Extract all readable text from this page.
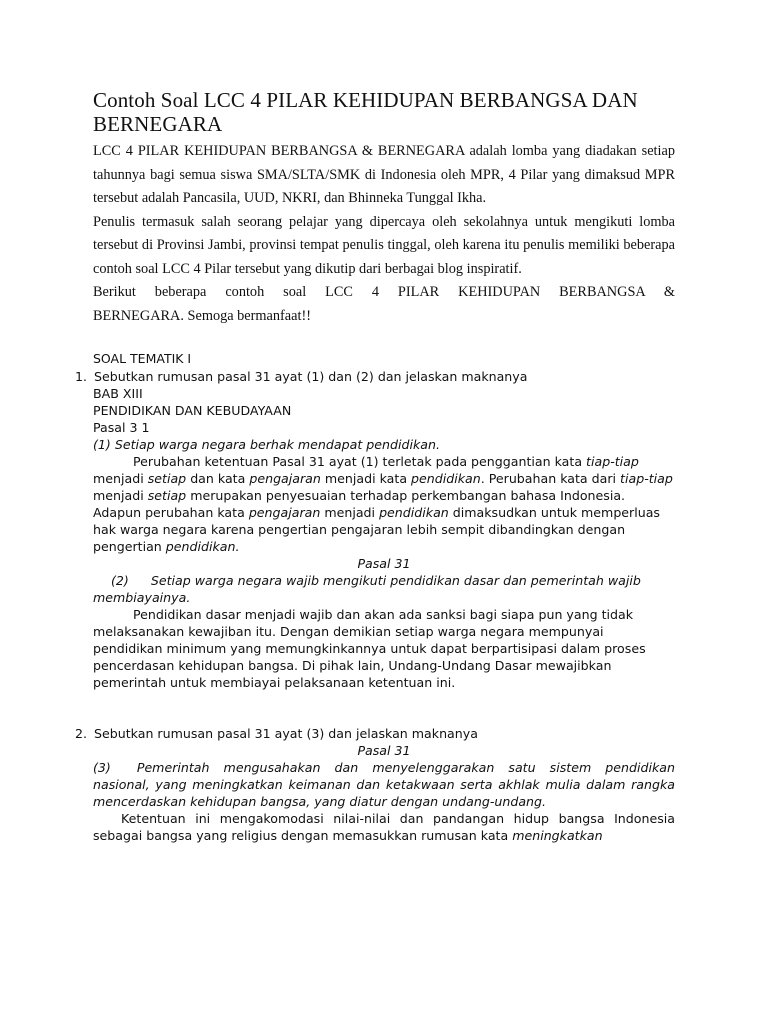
Contoh Soal LCC 4 PILAR KEHIDUPAN BERBANGSA DAN BERNEGARA

LCC 4 PILAR KEHIDUPAN BERBANGSA & BERNEGARA adalah lomba yang diadakan setiap tahunnya bagi semua siswa SMA/SLTA/SMK di Indonesia oleh MPR, 4 Pilar yang dimaksud MPR tersebut adalah Pancasila, UUD, NKRI, dan Bhinneka Tunggal Ikha.

Penulis termasuk salah seorang pelajar yang dipercaya oleh sekolahnya untuk mengikuti lomba tersebut di Provinsi Jambi, provinsi tempat penulis tinggal, oleh karena itu penulis memiliki beberapa contoh soal LCC 4 Pilar tersebut yang dikutip dari berbagai blog inspiratif.

Berikut beberapa contoh soal LCC 4 PILAR KEHIDUPAN BERBANGSA &

BERNEGARA. Semoga bermanfaat!!

SOAL TEMATIK I
1. Sebutkan rumusan pasal 31 ayat (1) dan (2) dan jelaskan maknanya
BAB XIII
PENDIDIKAN DAN KEBUDAYAAN
Pasal 3 1
(1) Setiap warga negara berhak mendapat pendidikan.

Perubahan ketentuan Pasal 31 ayat (1) terletak pada penggantian kata tiap-tiap menjadi setiap dan kata pengajaran menjadi kata pendidikan. Perubahan kata dari tiap-tiap menjadi setiap merupakan penyesuaian terhadap perkembangan bahasa Indonesia. Adapun perubahan kata pengajaran menjadi pendidikan dimaksudkan untuk memperluas hak warga negara karena pengertian pengajaran lebih sempit dibandingkan dengan pengertian pendidikan.

Pasal 31

(2) Setiap warga negara wajib mengikuti pendidikan dasar dan pemerintah wajib membiayainya.

Pendidikan dasar menjadi wajib dan akan ada sanksi bagi siapa pun yang tidak melaksanakan kewajiban itu. Dengan demikian setiap warga negara mempunyai pendidikan minimum yang memungkinkannya untuk dapat berpartisipasi dalam proses pencerdasan kehidupan bangsa. Di pihak lain, Undang-Undang Dasar mewajibkan pemerintah untuk membiayai pelaksanaan ketentuan ini.

2. Sebutkan rumusan pasal 31 ayat (3) dan jelaskan maknanya
Pasal 31

(3) Pemerintah mengusahakan dan menyelenggarakan satu sistem pendidikan nasional, yang meningkatkan keimanan dan ketakwaan serta akhlak mulia dalam rangka mencerdaskan kehidupan bangsa, yang diatur dengan undang-undang.

Ketentuan ini mengakomodasi nilai-nilai dan pandangan hidup bangsa Indonesia sebagai bangsa yang religius dengan memasukkan rumusan kata meningkatkan
